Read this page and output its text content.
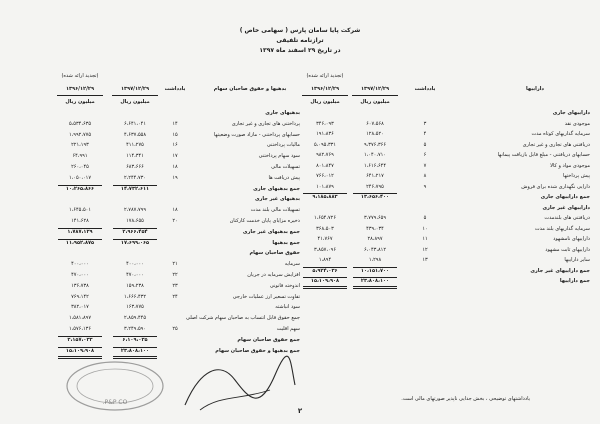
شرکت پایا سامان پارس ( سهامی خاص )
ترازنامه تلفیقی
در تاریخ ۲۹ اسفند ماه ۱۳۹۷
داراییها
یادداشت
۱۳۹۷/۱۲/۲۹
(تجدید ارائه شده)
۱۳۹۶/۱۲/۲۹
میلیون ریال
میلیون ریال
بدهیها و حقوق صاحبان سهام
یادداشت
۱۳۹۷/۱۲/۲۹
(تجدید ارائه شده)
۱۳۹۶/۱۲/۲۹
میلیون ریال
میلیون ریال
داراییهای جاری
موجودی نقد
۳
۶۰۷،۵۶۸
۳۴۶،۰۹۳
سرمایه گذاریهای کوتاه مدت
۴
۱۲۸،۵۲۰
۱۹۱،۸۳۶
دریافتنی های تجاری و غیر تجاری
۵
۹،۳۷۶،۳۶۶
۵،۰۹۵،۳۳۱
حسابهای دریافتنی - مبلغ قابل بازیافت پیمانها
۶
۱،۰۴۰،۷۱۰
۹۸۲،۷۶۹
موجودی مواد و کالا
۷
۱،۶۱۶،۶۴۴
۸۰۱،۸۴۷
پیش پرداختها
۸
۶۴۱،۲۱۷
۷۶۶،۰۱۲
دارایی نگهداری شده برای فروش
۹
۲۴۶،۷۹۵
۱۰۱،۸۷۹
جمع داراییهای جاری
۱۳،۶۵۶،۴۰۰
۹،۱۸۵،۸۸۳
داراییهای غیر جاری
دریافتنی های بلندمدت
۵
۳،۷۷۹،۶۵۹
۱،۶۵۴،۷۲۶
سرمایه گذاریهای بلند مدت
۱۰
۴۳۹،۰۳۴
۳۶۸،۵۰۳
داراییهای نامشهود
۱۱
۲۸،۸۹۷
۴۱،۷۶۷
داراییهای ثابت مشهود
۱۲
۶،۰۴۳،۸۱۲
۳،۸۵۷،۰۹۶
سایر داراییها
۱۳
۱،۲۹۸
۱،۸۹۴
جمع داراییهای غیر جاری
۱۰،۱۵۱،۷۰۰
۵،۹۲۴،۰۳۶
جمع داراییها
۲۳،۸۰۸،۱۰۰
۱۵،۱۰۹،۹۰۸
بدهیهای جاری
پرداختنی های تجاری و غیر تجاری
۱۴
۶،۶۴۱،۰۴۱
۵،۵۳۴،۶۳۵
حسابهای پرداختنی - مازاد صورت وضعیتها
۱۵
۴،۶۳۷،۵۵۸
۱،۹۹۲،۷۷۵
مالیات پرداختنی
۱۶
۴۱۱،۲۷۵
۲۲۱،۱۹۳
سود سهام پرداختنی
۱۷
۱۱۴،۳۴۱
۶۴،۹۹۱
تسهیلات مالی
۱۸
۶۸۳،۶۶۶
۲۶۰،۰۴۵
پیش دریافت ها
۱۹
۲،۲۴۴،۷۳۰
۱،۰۵۰،۰۱۷
جمع بدهیهای جاری
۱۴،۷۳۲،۶۱۱
۱۰،۲۶۵،۸۶۶
بدهیهای غیر جاری
تسهیلات مالی بلند مدت
۱۸
۲،۷۸۷،۷۹۹
۱،۶۴۵،۵۰۱
ذخیره مزایای پایان خدمت کارکنان
۲۰
۱۷۸،۶۵۵
۱۴۱،۶۲۸
جمع بدهیهای غیر جاری
۲،۹۶۶،۴۵۴
۱،۷۸۷،۱۲۹
جمع بدهیها
۱۷،۶۹۹،۰۶۵
۱۱،۹۵۲،۸۷۵
حقوق صاحبان سهام
سرمایه
۲۱
۴۰۰،۰۰۰
۴۰۰،۰۰۰
افزایش سرمایه در جریان
۲۲
۴۷۰،۰۰۰
۴۷۰،۰۰۰
اندوخته قانونی
۲۳
۱۵۹،۲۳۸
۱۳۶،۷۳۸
تفاوت تسعیر ارز عملیات خارجی
۲۴
۱،۶۶۶،۴۳۲
۷۶۹،۱۴۲
سود انباشته
۱۶۳،۷۷۵
۳۸۲،۰۱۷
جمع حقوق قابل انتساب به صاحبان سهام شرکت اصلی
۲،۸۵۹،۴۴۵
۱،۵۸۱،۸۹۷
سهم اقلیت
۲۵
۳،۲۴۹،۵۹۰
۱،۵۷۶،۱۳۶
جمع حقوق صاحبان سهام
۶،۱۰۹،۰۳۵
۳،۱۵۷،۰۳۳
جمع بدهیها و حقوق صاحبان سهام
۲۳،۸۰۸،۱۰۰
۱۵،۱۰۹،۹۰۸
P&P CO.	یادداشتهای توضیحی ، بخش جدایی ناپذیر صورتهای مالی است.
۲
